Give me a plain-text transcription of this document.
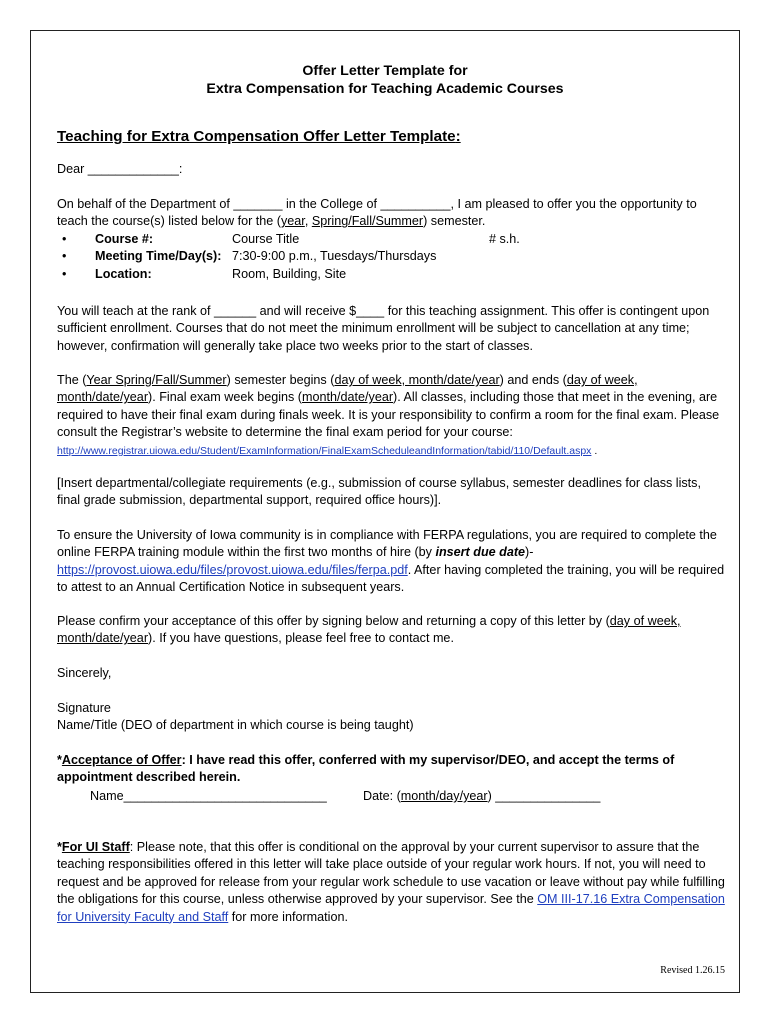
Offer Letter Template for
Extra Compensation for Teaching Academic Courses
Teaching for Extra Compensation Offer Letter Template:
Dear _____________:
On behalf of the Department of _______ in the College of __________, I am pleased to offer you the opportunity to teach the course(s) listed below for the (year, Spring/Fall/Summer) semester.
•	Course #:	Course Title	# s.h.
•	Meeting Time/Day(s): 7:30-9:00 p.m., Tuesdays/Thursdays
•	Location:	Room, Building, Site
You will teach at the rank of ______ and will receive $____ for this teaching assignment. This offer is contingent upon sufficient enrollment. Courses that do not meet the minimum enrollment will be subject to cancellation at any time; however, confirmation will generally take place two weeks prior to the start of classes.
The (Year Spring/Fall/Summer) semester begins (day of week, month/date/year) and ends (day of week, month/date/year). Final exam week begins (month/date/year). All classes, including those that meet in the evening, are required to have their final exam during finals week. It is your responsibility to confirm a room for the final exam. Please consult the Registrar’s website to determine the final exam period for your course:
http://www.registrar.uiowa.edu/Student/ExamInformation/FinalExamScheduleandInformation/tabid/110/Default.aspx .
[Insert departmental/collegiate requirements (e.g., submission of course syllabus, semester deadlines for class lists, final grade submission, departmental support, required office hours)].
To ensure the University of Iowa community is in compliance with FERPA regulations, you are required to complete the online FERPA training module within the first two months of hire (by insert due date)-
https://provost.uiowa.edu/files/provost.uiowa.edu/files/ferpa.pdf. After having completed the training, you will be required to attest to an Annual Certification Notice in subsequent years.
Please confirm your acceptance of this offer by signing below and returning a copy of this letter by (day of week, month/date/year). If you have questions, please feel free to contact me.
Sincerely,
Signature
Name/Title (DEO of department in which course is being taught)
*Acceptance of Offer: I have read this offer, conferred with my supervisor/DEO, and accept the terms of appointment described herein.
Name_____________________________	Date: (month/day/year) _______________
*For UI Staff: Please note, that this offer is conditional on the approval by your current supervisor to assure that the teaching responsibilities offered in this letter will take place outside of your regular work hours. If not, you will need to request and be approved for release from your regular work schedule to use vacation or leave without pay while fulfilling the obligations for this course, unless otherwise approved by your supervisor. See the OM III-17.16 Extra Compensation for University Faculty and Staff for more information.
Revised 1.26.15
